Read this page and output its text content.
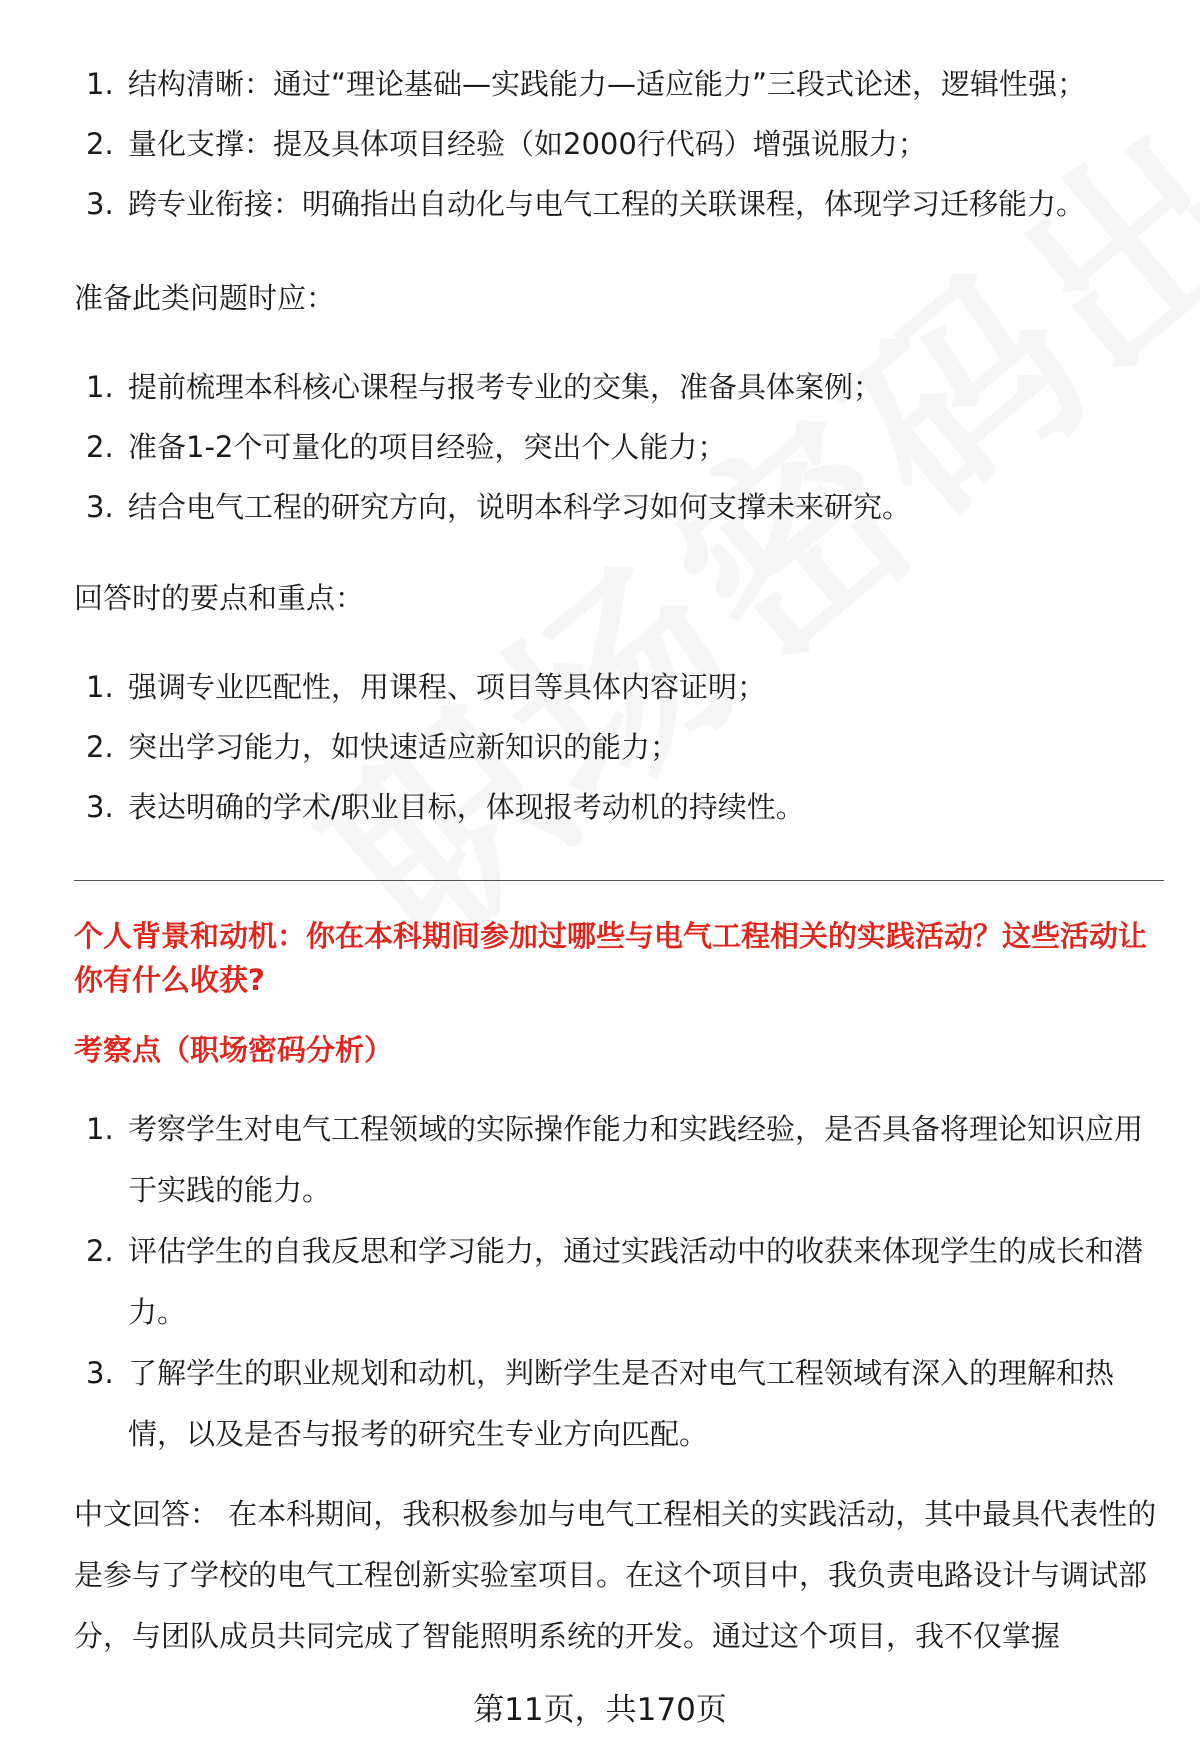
1. 结构清晰：通过“理论基础—实践能力—适应能力”三段式论述，逻辑性强；
2. 量化支撑：提及具体项目经验（如2000行代码）增强说服力；
3. 跨专业衔接：明确指出自动化与电气工程的关联课程，体现学习迁移能力。

准备此类问题时应：

1. 提前梳理本科核心课程与报考专业的交集，准备具体案例；
2. 准备1-2个可量化的项目经验，突出个人能力；
3. 结合电气工程的研究方向，说明本科学习如何支撑未来研究。

回答时的要点和重点：

1. 强调专业匹配性，用课程、项目等具体内容证明；
2. 突出学习能力，如快速适应新知识的能力；
3. 表达明确的学术/职业目标，体现报考动机的持续性。

个人背景和动机：你在本科期间参加过哪些与电气工程相关的实践活动？这些活动让你有什么收获?

考察点（职场密码分析）

1. 考察学生对电气工程领域的实际操作能力和实践经验，是否具备将理论知识应用于实践的能力。
2. 评估学生的自我反思和学习能力，通过实践活动中的收获来体现学生的成长和潜力。
3. 了解学生的职业规划和动机，判断学生是否对电气工程领域有深入的理解和热情，以及是否与报考的研究生专业方向匹配。

中文回答： 在本科期间，我积极参加与电气工程相关的实践活动，其中最具代表性的是参与了学校的电气工程创新实验室项目。在这个项目中，我负责电路设计与调试部分，与团队成员共同完成了智能照明系统的开发。通过这个项目，我不仅掌握

第11页，共170页
